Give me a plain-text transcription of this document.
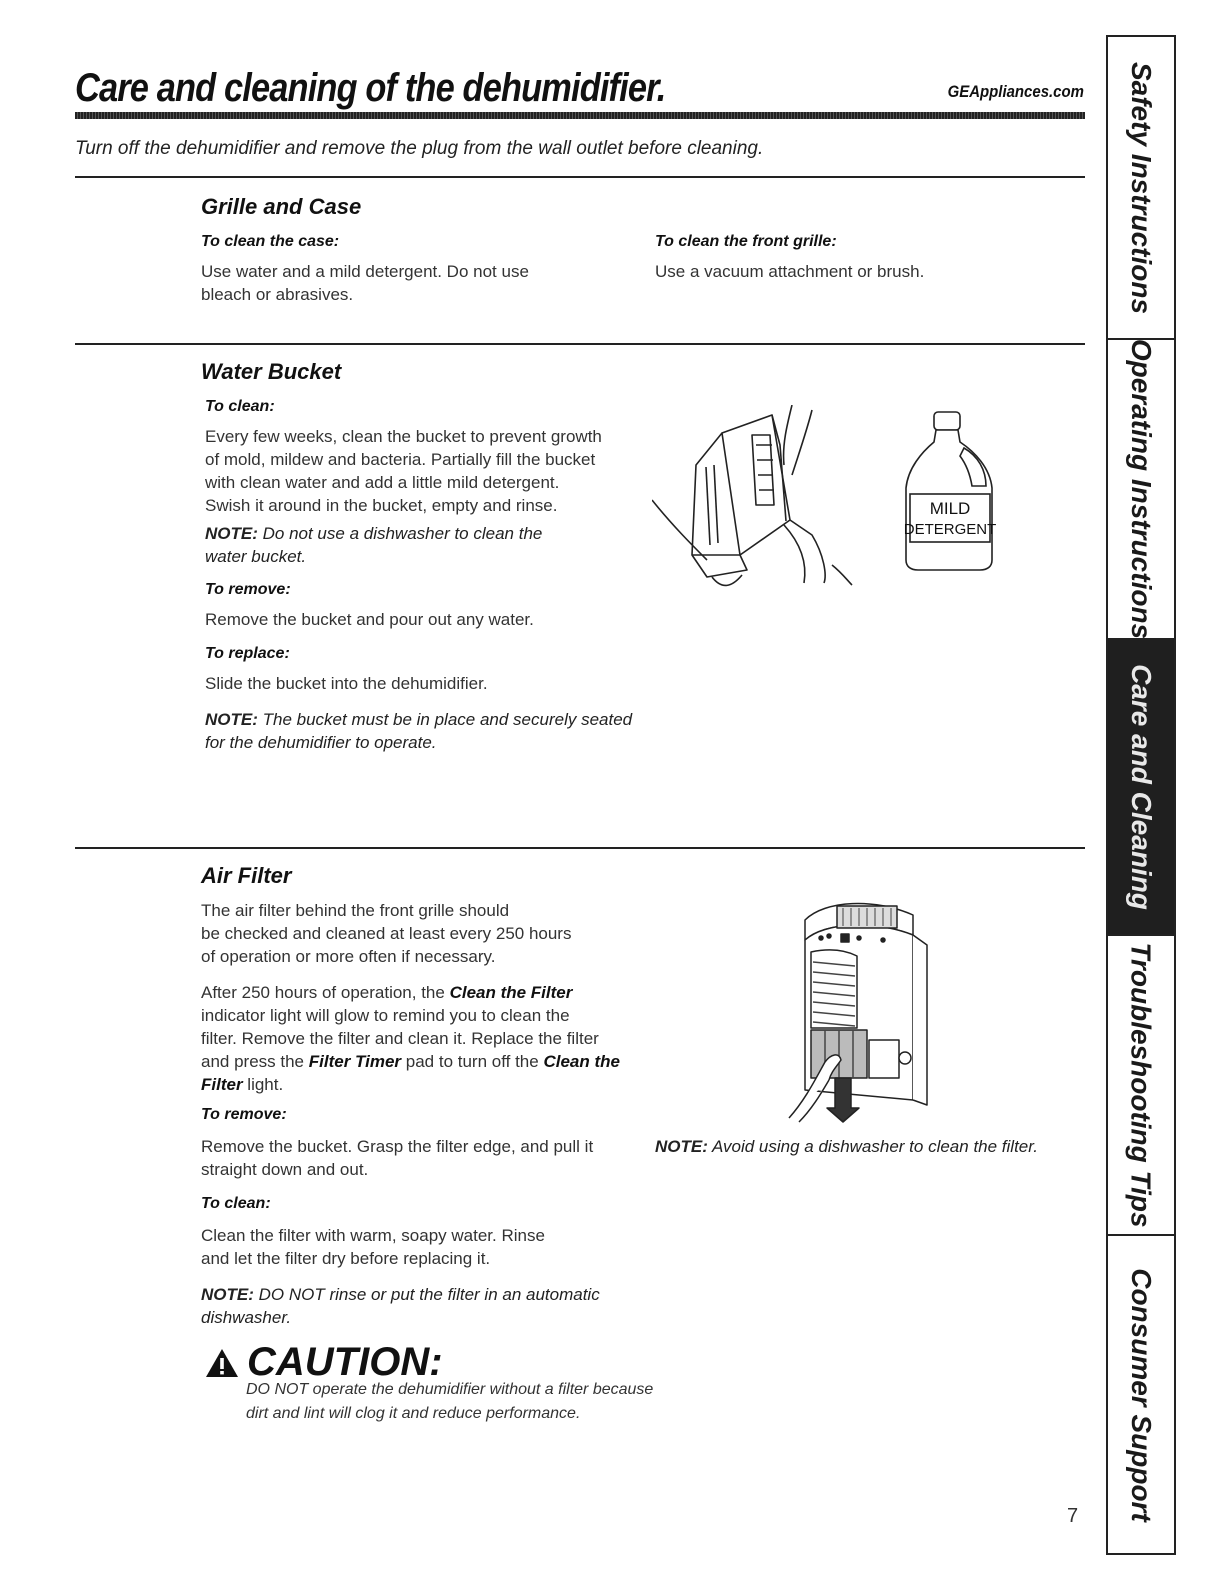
Care and cleaning of the dehumidifier.	GEAppliances.com

Turn off the dehumidifier and remove the plug from the wall outlet before cleaning.

Grille and Case

To clean the case:

Use water and a mild detergent. Do not use

bleach or abrasives.

To clean the front grille:

Use a vacuum attachment or brush.

Water Bucket

To clean:

Every few weeks, clean the bucket to prevent growth

of mold, mildew and bacteria. Partially fill the bucket

with clean water and add a little mild detergent.

Swish it around in the bucket, empty and rinse.

NOTE: Do not use a dishwasher to clean the

water bucket.

To remove:

Remove the bucket and pour out any water.

To replace:

Slide the bucket into the dehumidifier.

NOTE: The bucket must be in place and securely seated

for the dehumidifier to operate.

MILD
DETERGENT
Air Filter

The air filter behind the front grille should

be checked and cleaned at least every 250 hours

of operation or more often if necessary.

After 250 hours of operation, the Clean the Filter

indicator light will glow to remind you to clean the

filter. Remove the filter and clean it. Replace the filter

and press the Filter Timer pad to turn off the Clean the

Filter light.

To remove:

Remove the bucket. Grasp the filter edge, and pull it

straight down and out.

To clean:

Clean the filter with warm, soapy water. Rinse

and let the filter dry before replacing it.

NOTE: DO NOT rinse or put the filter in an automatic

dishwasher.

NOTE: Avoid using a dishwasher to clean the filter.

CAUTION:

DO NOT operate the dehumidifier without a filter because
dirt and lint will clog it and reduce performance.

7
Safety Instructions
Operating Instructions
Care and Cleaning
Troubleshooting Tips
Consumer Support
